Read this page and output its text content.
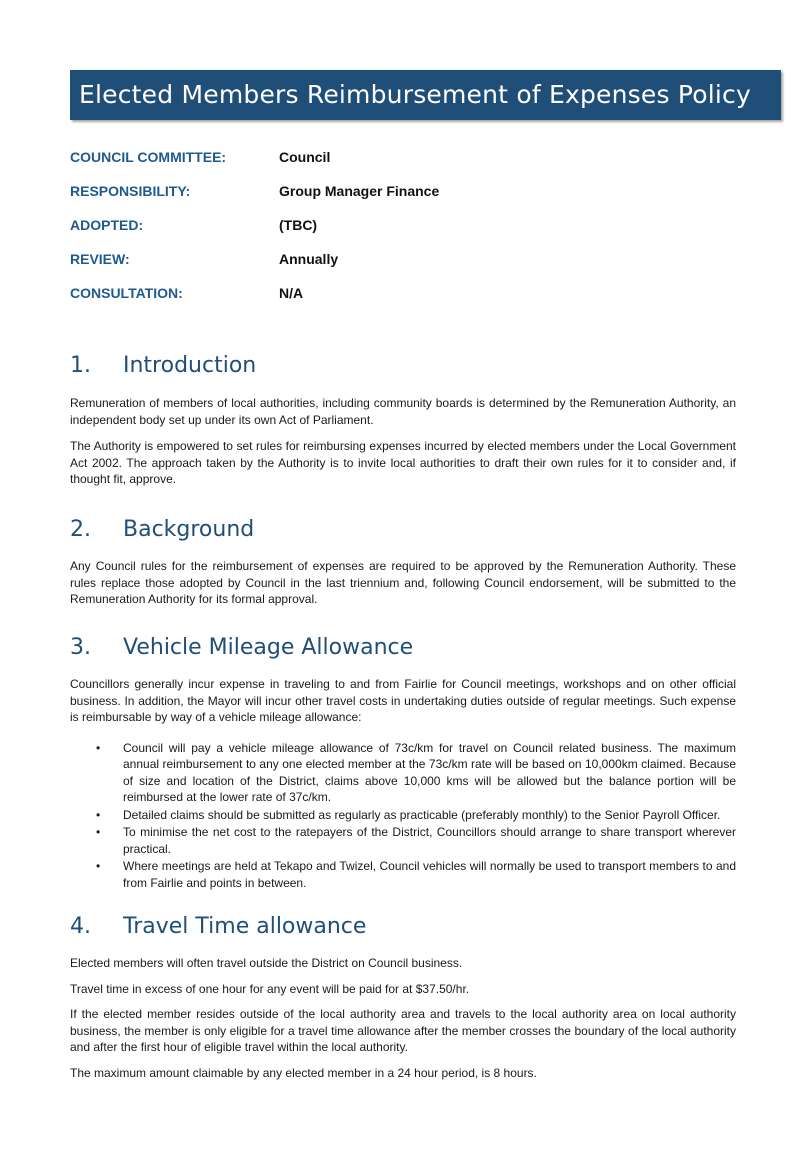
Elected Members Reimbursement of Expenses Policy
COUNCIL COMMITTEE:	Council
RESPONSIBILITY:	Group Manager Finance
ADOPTED:	(TBC)
REVIEW:	Annually
CONSULTATION:	N/A
1.	Introduction

Remuneration of members of local authorities, including community boards is determined by the Remuneration Authority, an independent body set up under its own Act of Parliament.

The Authority is empowered to set rules for reimbursing expenses incurred by elected members under the Local Government Act 2002. The approach taken by the Authority is to invite local authorities to draft their own rules for it to consider and, if thought fit, approve.

2.	Background

Any Council rules for the reimbursement of expenses are required to be approved by the Remuneration Authority. These rules replace those adopted by Council in the last triennium and, following Council endorsement, will be submitted to the Remuneration Authority for its formal approval.

3.	Vehicle Mileage Allowance

Councillors generally incur expense in traveling to and from Fairlie for Council meetings, workshops and on other official business. In addition, the Mayor will incur other travel costs in undertaking duties outside of regular meetings. Such expense is reimbursable by way of a vehicle mileage allowance:

• Council will pay a vehicle mileage allowance of 73c/km for travel on Council related business. The maximum annual reimbursement to any one elected member at the 73c/km rate will be based on 10,000km claimed. Because of size and location of the District, claims above 10,000 kms will be allowed but the balance portion will be reimbursed at the lower rate of 37c/km.
• Detailed claims should be submitted as regularly as practicable (preferably monthly) to the Senior Payroll Officer.
• To minimise the net cost to the ratepayers of the District, Councillors should arrange to share transport wherever practical.
• Where meetings are held at Tekapo and Twizel, Council vehicles will normally be used to transport members to and from Fairlie and points in between.
4.	Travel Time allowance

Elected members will often travel outside the District on Council business.

Travel time in excess of one hour for any event will be paid for at $37.50/hr.

If the elected member resides outside of the local authority area and travels to the local authority area on local authority business, the member is only eligible for a travel time allowance after the member crosses the boundary of the local authority and after the first hour of eligible travel within the local authority.

The maximum amount claimable by any elected member in a 24 hour period, is 8 hours.
